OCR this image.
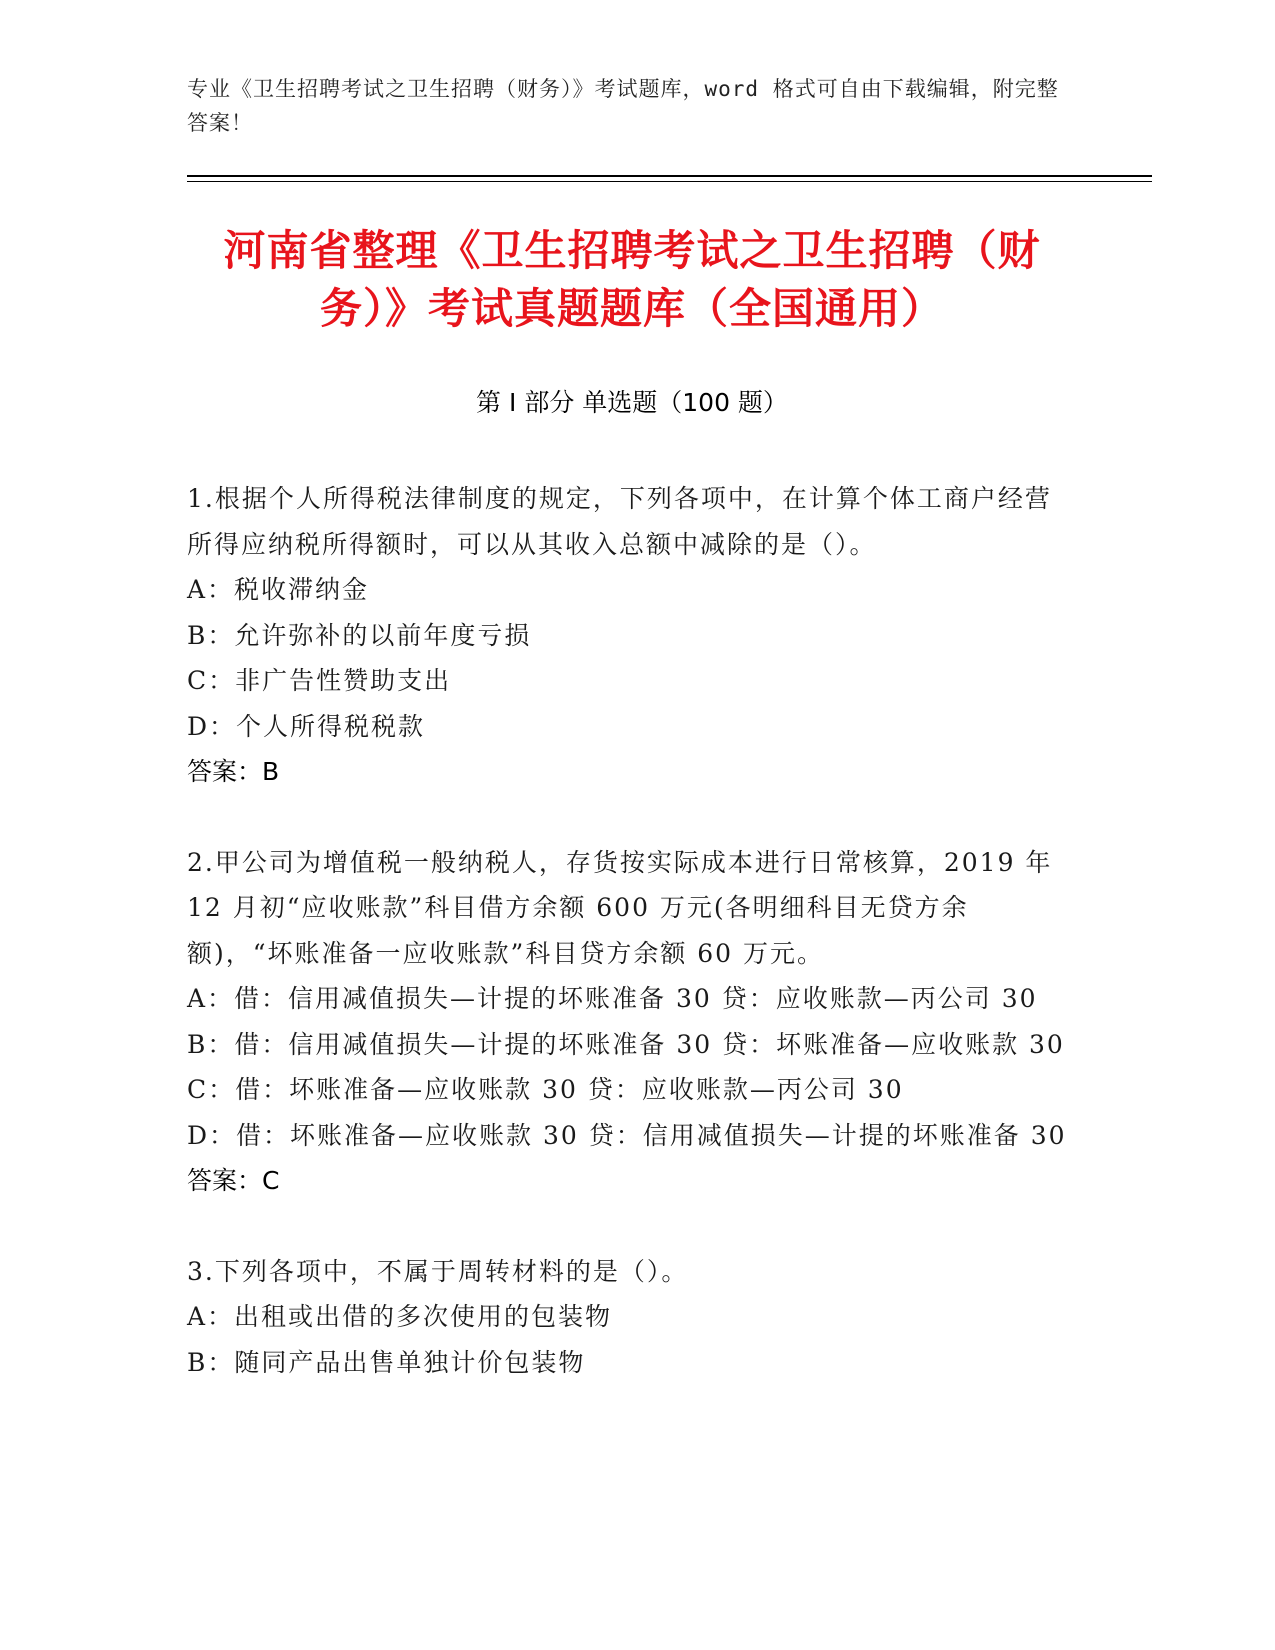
专业《卫生招聘考试之卫生招聘（财务）》考试题库，word 格式可自由下载编辑，附完整答案！
河南省整理《卫生招聘考试之卫生招聘（财务）》考试真题题库（全国通用）
第 I 部分 单选题（100 题）
1.根据个人所得税法律制度的规定，下列各项中，在计算个体工商户经营所得应纳税所得额时，可以从其收入总额中减除的是（）。
A：税收滞纳金
B：允许弥补的以前年度亏损
C：非广告性赞助支出
D：个人所得税税款
答案：B
2.甲公司为增值税一般纳税人，存货按实际成本进行日常核算，2019 年 12 月初“应收账款”科目借方余额 600 万元(各明细科目无贷方余额)，“坏账准备一应收账款”科目贷方余额 60 万元。
A：借：信用减值损失—计提的坏账准备 30 贷：应收账款—丙公司 30
B：借：信用减值损失—计提的坏账准备 30 贷：坏账准备—应收账款 30
C：借：坏账准备—应收账款 30 贷：应收账款—丙公司 30
D：借：坏账准备—应收账款 30 贷：信用减值损失—计提的坏账准备 30
答案：C
3.下列各项中，不属于周转材料的是（）。
A：出租或出借的多次使用的包装物
B：随同产品出售单独计价包装物
